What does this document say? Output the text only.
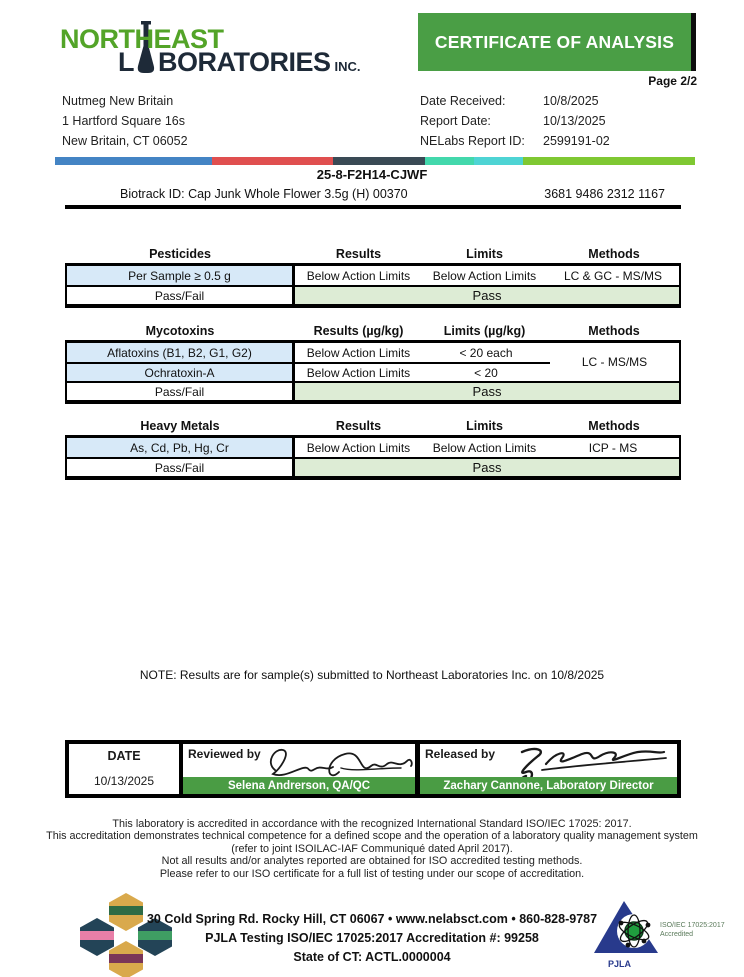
NORTHEAST
L BORATORIES INC.
CERTIFICATE OF ANALYSIS
Page 2/2
Nutmeg New Britain
1 Hartford Square 16s
New Britain, CT 06052
Date Received:	10/8/2025
Report Date:	10/13/2025
NELabs Report ID:	2599191-02
25-8-F2H14-CJWF
Biotrack ID: Cap Junk Whole Flower 3.5g (H) 00370	3681 9486 2312 1167
Pesticides	Results	Limits	Methods
Per Sample ≥ 0.5 g	Below Action Limits	Below Action Limits	LC & GC - MS/MS
Pass/Fail	Pass
Mycotoxins	Results (µg/kg)	Limits (µg/kg)	Methods
Aflatoxins (B1, B2, G1, G2)	Below Action Limits	< 20 each
Ochratoxin-A	Below Action Limits	< 20
LC - MS/MS
Pass/Fail	Pass
Heavy Metals	Results	Limits	Methods
As, Cd, Pb, Hg, Cr	Below Action Limits	Below Action Limits	ICP - MS
Pass/Fail	Pass
NOTE: Results are for sample(s) submitted to Northeast Laboratories Inc. on 10/8/2025
DATE
10/13/2025
Reviewed by
Selena Andrerson, QA/QC
Released by
Zachary Cannone, Laboratory Director
This laboratory is accredited in accordance with the recognized International Standard ISO/IEC 17025: 2017.
This accreditation demonstrates technical competence for a defined scope and the operation of a laboratory quality management system
(refer to joint ISOILAC-IAF Communiqué dated April 2017).
Not all results and/or analytes reported are obtained for ISO accredited testing methods.
Please refer to our ISO certificate for a full list of testing under our scope of accreditation.
30 Cold Spring Rd. Rocky Hill, CT 06067 • www.nelabsct.com • 860-828-9787
PJLA Testing ISO/IEC 17025:2017 Accreditation #: 99258
State of CT: ACTL.0000004	PJLA
ISO/IEC 17025:2017
Accredited
